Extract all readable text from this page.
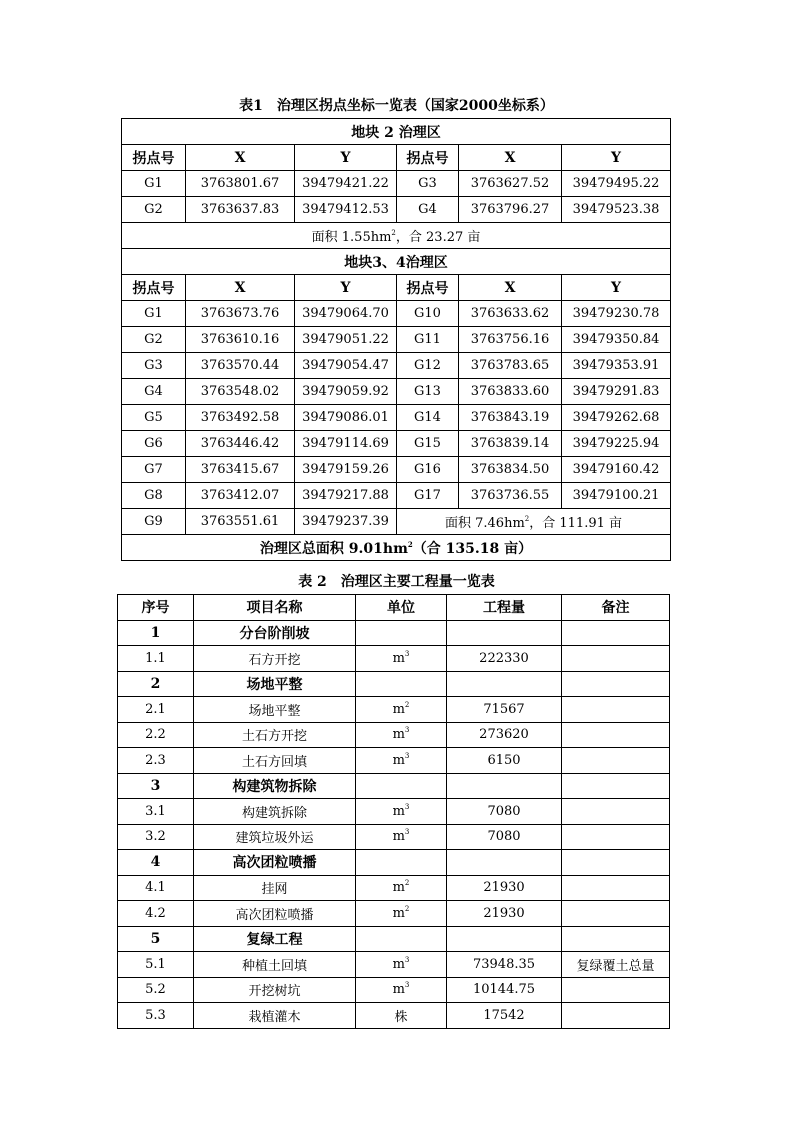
表1　治理区拐点坐标一览表（国家2000坐标系）
地块 2 治理区					
拐点号	X	Y	拐点号	X	Y
G1	3763801.67	39479421.22	G3	3763627.52	39479495.22
G2	3763637.83	39479412.53	G4	3763796.27	39479523.38
面积 $1.55hm^2$，合 23.27 亩					
地块3、4治理区					
拐点号	X	Y	拐点号	X	Y
G1	3763673.76	39479064.70	G10	3763633.62	39479230.78
G2	3763610.16	39479051.22	G11	3763756.16	39479350.84
G3	3763570.44	39479054.47	G12	3763783.65	39479353.91
G4	3763548.02	39479059.92	G13	3763833.60	39479291.83
G5	3763492.58	39479086.01	G14	3763843.19	39479262.68
G6	3763446.42	39479114.69	G15	3763839.14	39479225.94
G7	3763415.67	39479159.26	G16	3763834.50	39479160.42
G8	3763412.07	39479217.88	G17	3763736.55	39479100.21
G9	3763551.61	39479237.39	面积 $7.46hm^2$，合 111.91 亩		
治理区总面积 $9.01hm^2$（合 135.18 亩）					
表 2　治理区主要工程量一览表
序号	项目名称	单位	工程量	备注
1	分台阶削坡			
1.1	石方开挖	$m^3$	222330	
2	场地平整			
2.1	场地平整	$m^2$	71567	
2.2	土石方开挖	$m^3$	273620	
2.3	土石方回填	$m^3$	6150	
3	构建筑物拆除			
3.1	构建筑拆除	$m^3$	7080	
3.2	建筑垃圾外运	$m^3$	7080	
4	高次团粒喷播			
4.1	挂网	$m^2$	21930	
4.2	高次团粒喷播	$m^2$	21930	
5	复绿工程			
5.1	种植土回填	$m^3$	73948.35	复绿覆土总量
5.2	开挖树坑	$m^3$	10144.75	
5.3	栽植灌木	株	17542	
